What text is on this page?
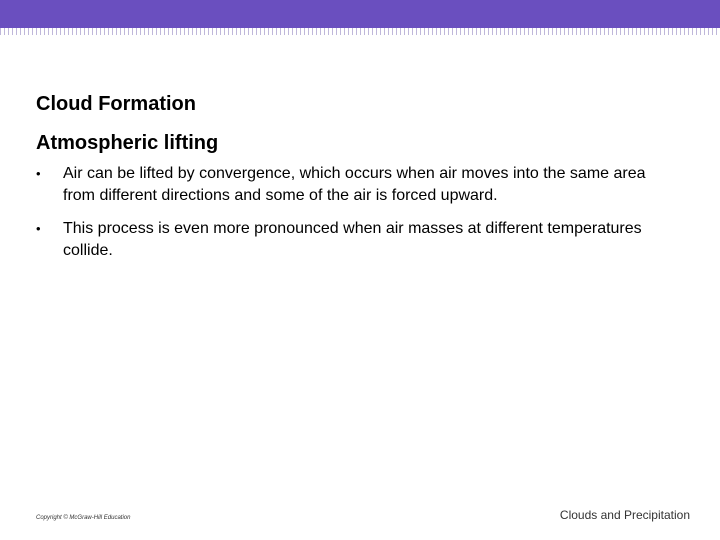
Cloud Formation
Atmospheric lifting
• Air can be lifted by convergence, which occurs when air moves into the same area from different directions and some of the air is forced upward.
• This process is even more pronounced when air masses at different temperatures collide.
Copyright © McGraw-Hill Education	Clouds and Precipitation
